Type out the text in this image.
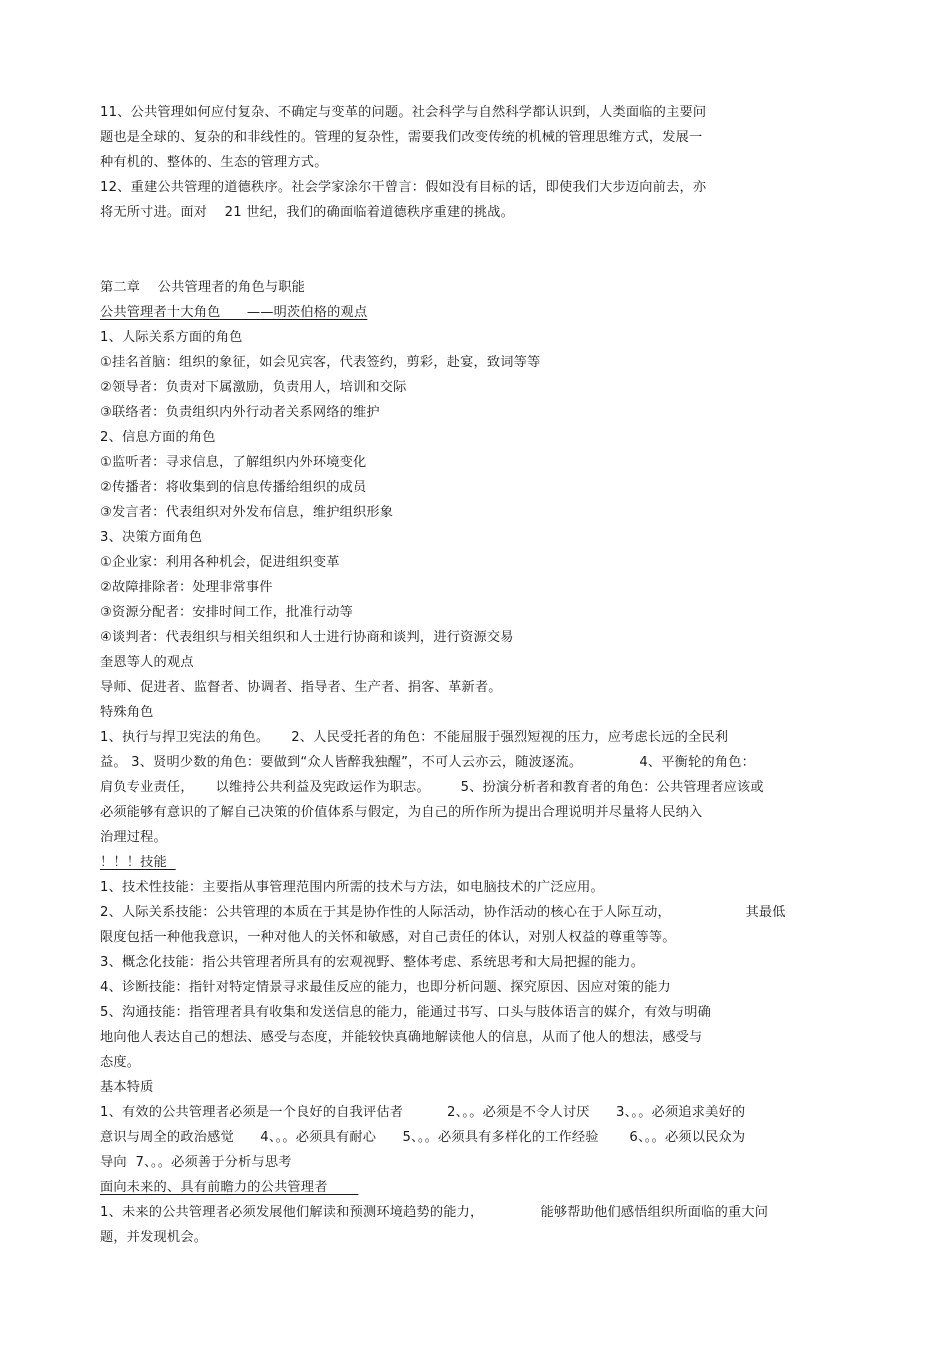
11、公共管理如何应付复杂、不确定与变革的问题。社会科学与自然科学都认识到，人类面临的主要问
题也是全球的、复杂的和非线性的。管理的复杂性，需要我们改变传统的机械的管理思维方式，发展一
种有机的、整体的、生态的管理方式。
12、重建公共管理的道德秩序。社会学家涂尔干曾言：假如没有目标的话，即使我们大步迈向前去，亦
将无所寸进。面对    21 世纪，我们的确面临着道德秩序重建的挑战。
第二章    公共管理者的角色与职能
公共管理者十大角色      ——明茨伯格的观点
1、人际关系方面的角色
①挂名首脑：组织的象征，如会见宾客，代表签约，剪彩，赴宴，致词等等
②领导者：负责对下属激励，负责用人，培训和交际
③联络者：负责组织内外行动者关系网络的维护
2、信息方面的角色
①监听者：寻求信息，了解组织内外环境变化
②传播者：将收集到的信息传播给组织的成员
③发言者：代表组织对外发布信息，维护组织形象
3、决策方面角色
①企业家：利用各种机会，促进组织变革
②故障排除者：处理非常事件
③资源分配者：安排时间工作，批准行动等
④谈判者：代表组织与相关组织和人士进行协商和谈判，进行资源交易
奎恩等人的观点
导师、促进者、监督者、协调者、指导者、生产者、捐客、革新者。
特殊角色
1、执行与捍卫宪法的角色。     2、人民受托者的角色：不能屈服于强烈短视的压力，应考虑长远的全民利
益。 3、贤明少数的角色：要做到“众人皆醉我独醒”，不可人云亦云，随波逐流。             4、平衡轮的角色：
肩负专业责任，     以维持公共利益及宪政运作为职志。       5、扮演分析者和教育者的角色：公共管理者应该或
必须能够有意识的了解自己决策的价值体系与假定，为自己的所作所为提出合理说明并尽量将人民纳入
治理过程。
！！！技能
1、技术性技能：主要指从事管理范围内所需的技术与方法，如电脑技术的广泛应用。
2、人际关系技能：公共管理的本质在于其是协作性的人际活动，协作活动的核心在于人际互动，                 其最低
限度包括一种他我意识，一种对他人的关怀和敏感，对自己责任的体认，对别人权益的尊重等等。
3、概念化技能：指公共管理者所具有的宏观视野、整体考虑、系统思考和大局把握的能力。
4、诊断技能：指针对特定情景寻求最佳反应的能力，也即分析问题、探究原因、因应对策的能力
5、沟通技能：指管理者具有收集和发送信息的能力，能通过书写、口头与肢体语言的媒介，有效与明确
地向他人表达自己的想法、感受与态度，并能较快真确地解读他人的信息，从而了他人的想法，感受与
态度。
基本特质
1、有效的公共管理者必须是一个良好的自我评估者          2、。。必须是不令人讨厌      3、。。必须追求美好的
意识与周全的政治感觉      4、。。必须具有耐心      5、。。必须具有多样化的工作经验       6、。。必须以民众为
导向  7、。。必须善于分析与思考
面向未来的、具有前瞻力的公共管理者
1、未来的公共管理者必须发展他们解读和预测环境趋势的能力，             能够帮助他们感悟组织所面临的重大问
题，并发现机会。
